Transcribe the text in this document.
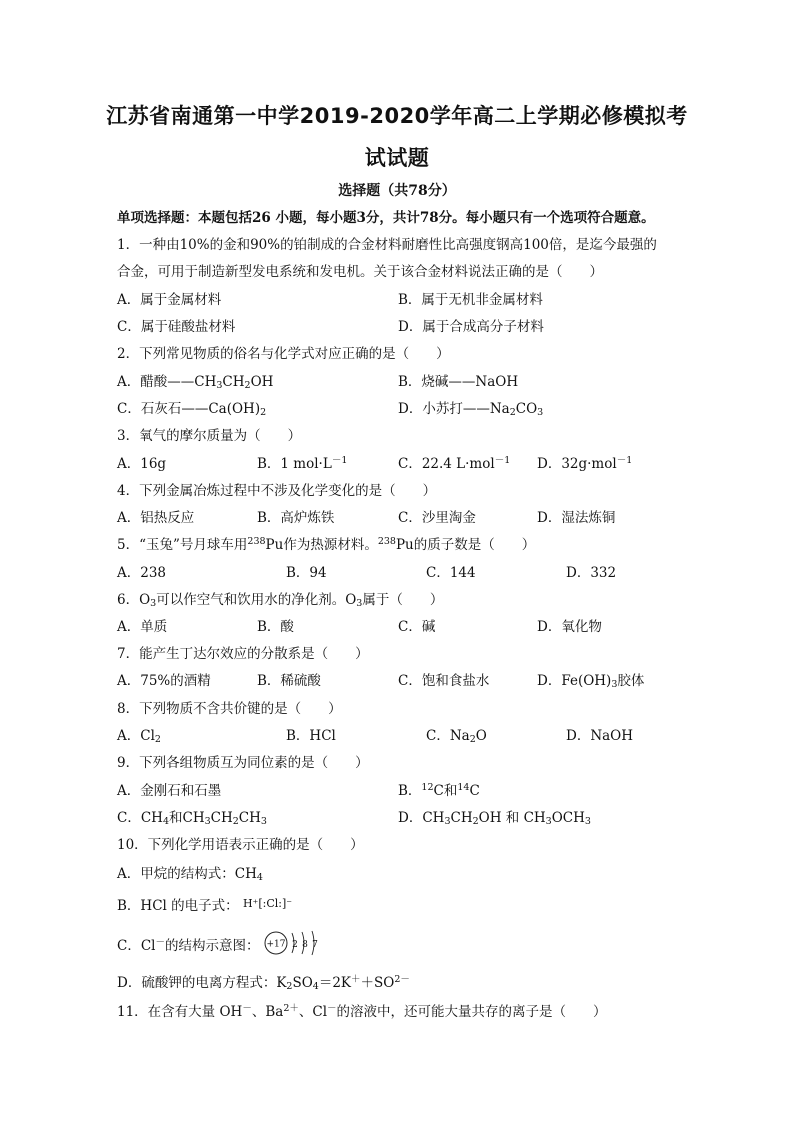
江苏省南通第一中学2019-2020学年高二上学期必修模拟考
试试题
选择题（共78分）
单项选择题：本题包括26 小题，每小题3分，共计78分。每小题只有一个选项符合题意。
1．一种由10%的金和90%的铂制成的合金材料耐磨性比高强度钢高100倍，是迄今最强的
合金，可用于制造新型发电系统和发电机。关于该合金材料说法正确的是（　　）
A．属于金属材料	B．属于无机非金属材料
C．属于硅酸盐材料	D．属于合成高分子材料
2．下列常见物质的俗名与化学式对应正确的是（　　）
A．醋酸$——CH_3CH_2OH$	B．烧碱——NaOH
C．石灰石$——Ca(OH)_2$	D．小苏打$——Na_2CO_3$
3．氧气的摩尔质量为（　　）
A．16g	B．1 $mol\cdot L^{-1}$	C．22.4 L·mol$^{-1}$ D．32g·mol$^{-1}$
4．下列金属冶炼过程中不涉及化学变化的是（　　）
A．铝热反应	B．高炉炼铁	C．沙里淘金	D．湿法炼铜
5．“玉兔”号月球车用$^{238}$Pu作为热源材料。$^{238}$Pu的质子数是（　　）
A．238	B．94	C．144	D．332
6．$O_3$可以作空气和饮用水的净化剂。$O_3$属于（　　）
A．单质	B．酸	C．碱	D．氧化物
7．能产生丁达尔效应的分散系是（　　）
A．75%的酒精	B．稀硫酸	C．饱和食盐水	D．$Fe(OH)_3$胶体
8．下列物质不含共价键的是（　　）
A．$Cl_2$	B．HCl	C．$Na_2O$	D．NaOH
9．下列各组物质互为同位素的是（　　）
A．金刚石和石墨	B．$^{12}$C和$^{14}$C
C．$CH_4$和$CH_3CH_2CH_3$	D．$CH_3CH_2OH$ 和 $CH_3OCH_3$
10．下列化学用语表示正确的是（　　）
A．甲烷的结构式：$CH_4$
B．HCl 的电子式： $^{H^+[:Cl:]^-}$
C．Cl－的结构示意图： +17 2 8 7
D．硫酸钾的电离方程式：$K_2SO_4=2K^++SO^{2-}$
11．在含有大量 OH－、$Ba^{2+}$、Cl－的溶液中，还可能大量共存的离子是（　　）
